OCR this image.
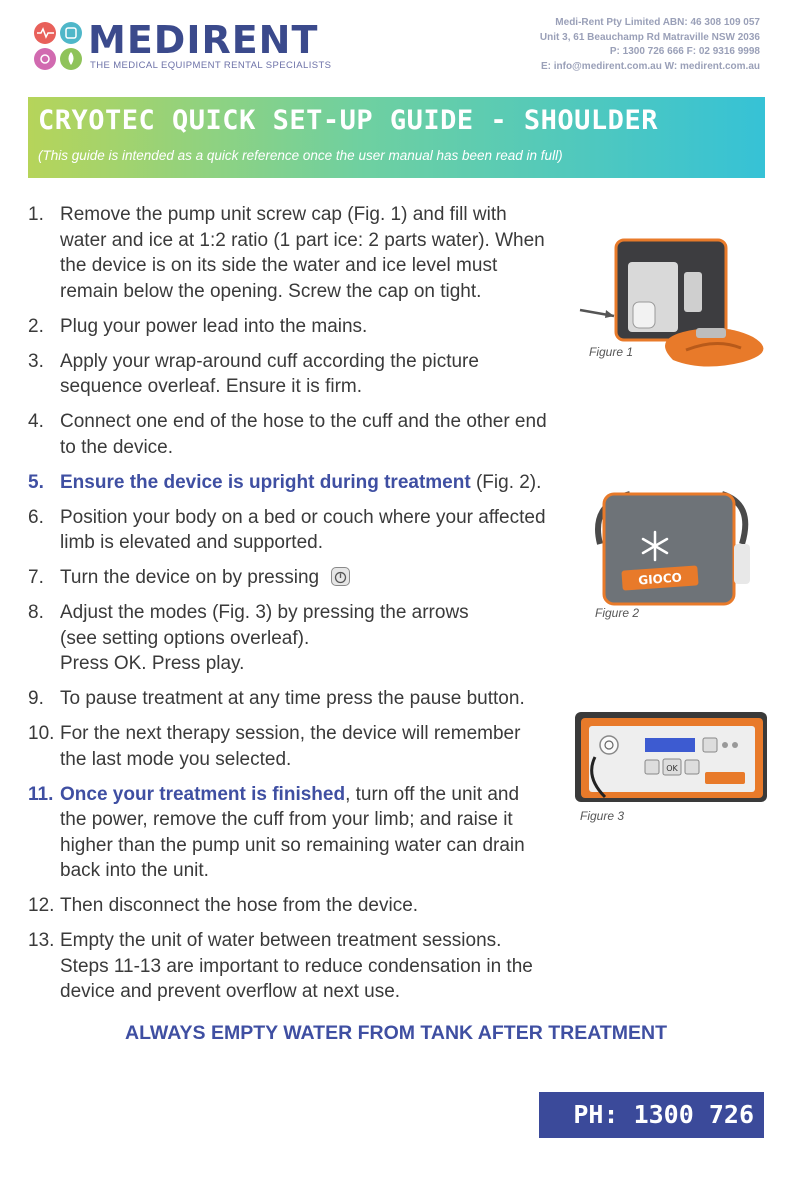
MEDIRENT
THE MEDICAL EQUIPMENT RENTAL SPECIALISTS
Medi-Rent Pty Limited ABN: 46 308 109 057
Unit 3, 61 Beauchamp Rd Matraville NSW 2036
P: 1300 726 666 F: 02 9316 9998
E: info@medirent.com.au W: medirent.com.au
CRYOTEC QUICK SET-UP GUIDE - SHOULDER
(This guide is intended as a quick reference once the user manual has been read in full)
1. Remove the pump unit screw cap (Fig. 1) and fill with water and ice at 1:2 ratio (1 part ice: 2 parts water). When the device is on its side the water and ice level must remain below the opening. Screw the cap on tight.
2. Plug your power lead into the mains.
3. Apply your wrap-around cuff according the picture sequence overleaf. Ensure it is firm.
4. Connect one end of the hose to the cuff and the other end to the device.
5. Ensure the device is upright during treatment (Fig. 2).
6. Position your body on a bed or couch where your affected limb is elevated and supported.
7. Turn the device on by pressing
8. Adjust the modes (Fig. 3) by pressing the arrows
(see setting options overleaf).
Press OK. Press play.
9. To pause treatment at any time press the pause button.
10. For the next therapy session, the device will remember the last mode you selected.
11. Once your treatment is finished, turn off the unit and the power, remove the cuff from your limb; and raise it higher than the pump unit so remaining water can drain back into the unit.
12. Then disconnect the hose from the device.
13. Empty the unit of water between treatment sessions. Steps 11-13 are important to reduce condensation in the device and prevent overflow at next use.
Figure 1
GIOCO
Figure 2
OK
Figure 3
ALWAYS EMPTY WATER FROM TANK AFTER TREATMENT
PH: 1300 726 666
